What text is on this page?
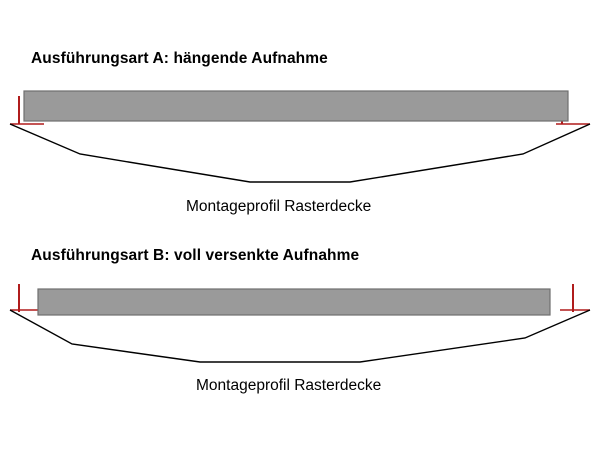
Ausführungsart A: hängende Aufnahme
Montageprofil Rasterdecke
Ausführungsart B: voll versenkte Aufnahme
Montageprofil Rasterdecke
